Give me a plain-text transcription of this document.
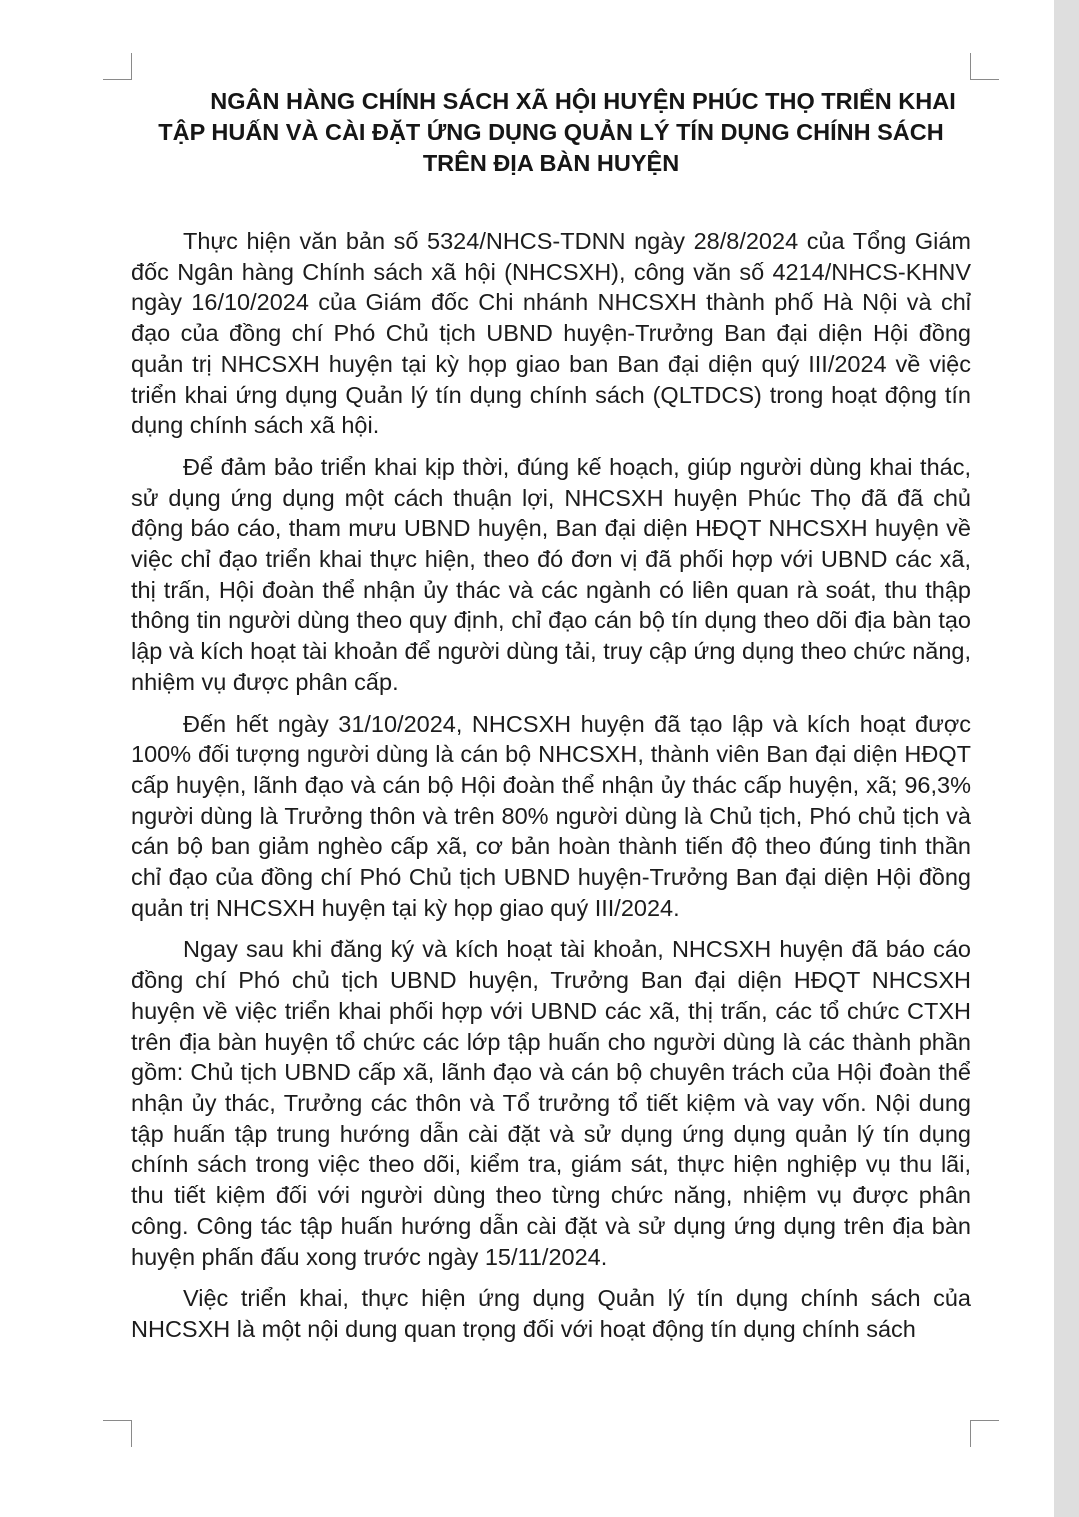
NGÂN HÀNG CHÍNH SÁCH XÃ HỘI HUYỆN PHÚC THỌ TRIỂN KHAI
TẬP HUẤN VÀ CÀI ĐẶT ỨNG DỤNG QUẢN LÝ TÍN DỤNG CHÍNH SÁCH
TRÊN ĐỊA BÀN HUYỆN

Thực hiện văn bản số 5324/NHCS-TDNN ngày 28/8/2024 của Tổng Giám đốc Ngân hàng Chính sách xã hội (NHCSXH), công văn số 4214/NHCS-KHNV ngày 16/10/2024 của Giám đốc Chi nhánh NHCSXH thành phố Hà Nội và chỉ đạo của đồng chí Phó Chủ tịch UBND huyện-Trưởng Ban đại diện Hội đồng quản trị NHCSXH huyện tại kỳ họp giao ban Ban đại diện quý III/2024 về việc triển khai ứng dụng Quản lý tín dụng chính sách (QLTDCS) trong hoạt động tín dụng chính sách xã hội.

Để đảm bảo triển khai kịp thời, đúng kế hoạch, giúp người dùng khai thác, sử dụng ứng dụng một cách thuận lợi, NHCSXH huyện Phúc Thọ đã đã chủ động báo cáo, tham mưu UBND huyện, Ban đại diện HĐQT NHCSXH huyện về việc chỉ đạo triển khai thực hiện, theo đó đơn vị đã phối hợp với UBND các xã, thị trấn, Hội đoàn thể nhận ủy thác và các ngành có liên quan rà soát, thu thập thông tin người dùng theo quy định, chỉ đạo cán bộ tín dụng theo dõi địa bàn tạo lập và kích hoạt tài khoản để người dùng tải, truy cập ứng dụng theo chức năng, nhiệm vụ được phân cấp.

Đến hết ngày 31/10/2024, NHCSXH huyện đã tạo lập và kích hoạt được 100% đối tượng người dùng là cán bộ NHCSXH, thành viên Ban đại diện HĐQT cấp huyện, lãnh đạo và cán bộ Hội đoàn thể nhận ủy thác cấp huyện, xã; 96,3% người dùng là Trưởng thôn và trên 80% người dùng là Chủ tịch, Phó chủ tịch và cán bộ ban giảm nghèo cấp xã, cơ bản hoàn thành tiến độ theo đúng tinh thần chỉ đạo của đồng chí Phó Chủ tịch UBND huyện-Trưởng Ban đại diện Hội đồng quản trị NHCSXH huyện tại kỳ họp giao quý III/2024.

Ngay sau khi đăng ký và kích hoạt tài khoản, NHCSXH huyện đã báo cáo đồng chí Phó chủ tịch UBND huyện, Trưởng Ban đại diện HĐQT NHCSXH huyện về việc triển khai phối hợp với UBND các xã, thị trấn, các tổ chức CTXH trên địa bàn huyện tổ chức các lớp tập huấn cho người dùng là các thành phần gồm: Chủ tịch UBND cấp xã, lãnh đạo và cán bộ chuyên trách của Hội đoàn thể nhận ủy thác, Trưởng các thôn và Tổ trưởng tổ tiết kiệm và vay vốn. Nội dung tập huấn tập trung hướng dẫn cài đặt và sử dụng ứng dụng quản lý tín dụng chính sách trong việc theo dõi, kiểm tra, giám sát, thực hiện nghiệp vụ thu lãi, thu tiết kiệm đối với người dùng theo từng chức năng, nhiệm vụ được phân công. Công tác tập huấn hướng dẫn cài đặt và sử dụng ứng dụng trên địa bàn huyện phấn đấu xong trước ngày 15/11/2024.

Việc triển khai, thực hiện ứng dụng Quản lý tín dụng chính sách của NHCSXH là một nội dung quan trọng đối với hoạt động tín dụng chính sách
